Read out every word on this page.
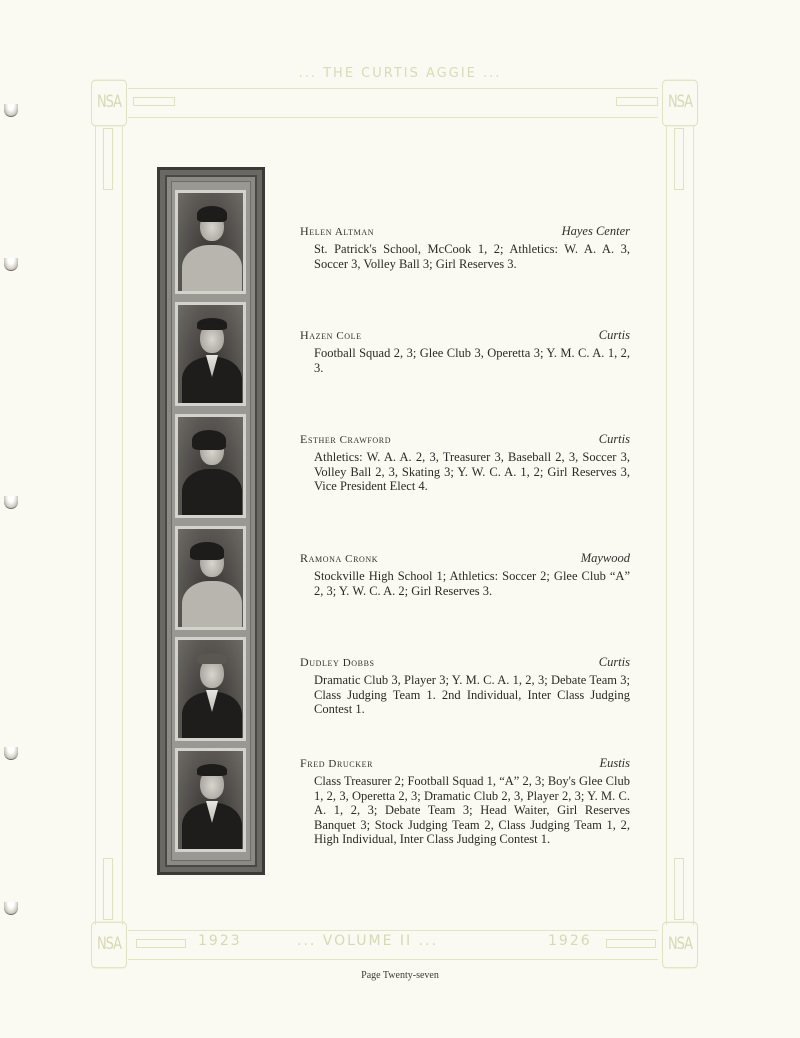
... THE CURTIS AGGIE ...
NSA	NSA
NSA	NSA
1923	... VOLUME II ...	1926
Page Twenty-seven
Helen Altman	Hayes Center
St. Patrick's School, McCook 1, 2; Athletics: W. A. A. 3, Soccer 3, Volley Ball 3; Girl Reserves 3.
Hazen Cole	Curtis
Football Squad 2, 3; Glee Club 3, Operetta 3; Y. M. C. A. 1, 2, 3.
Esther Crawford	Curtis
Athletics: W. A. A. 2, 3, Treasurer 3, Baseball 2, 3, Soccer 3, Volley Ball 2, 3, Skating 3; Y. W. C. A. 1, 2; Girl Reserves 3, Vice President Elect 4.
Ramona Cronk	Maywood
Stockville High School 1; Athletics: Soccer 2; Glee Club “A” 2, 3; Y. W. C. A. 2; Girl Reserves 3.
Dudley Dobbs	Curtis
Dramatic Club 3, Player 3; Y. M. C. A. 1, 2, 3; Debate Team 3; Class Judging Team 1. 2nd Individual, Inter Class Judging Contest 1.
Fred Drucker	Eustis
Class Treasurer 2; Football Squad 1, “A” 2, 3; Boy's Glee Club 1, 2, 3, Operetta 2, 3; Dramatic Club 2, 3, Player 2, 3; Y. M. C. A. 1, 2, 3; Debate Team 3; Head Waiter, Girl Reserves Banquet 3; Stock Judging Team 2, Class Judging Team 1, 2, High Individual, Inter Class Judging Contest 1.
